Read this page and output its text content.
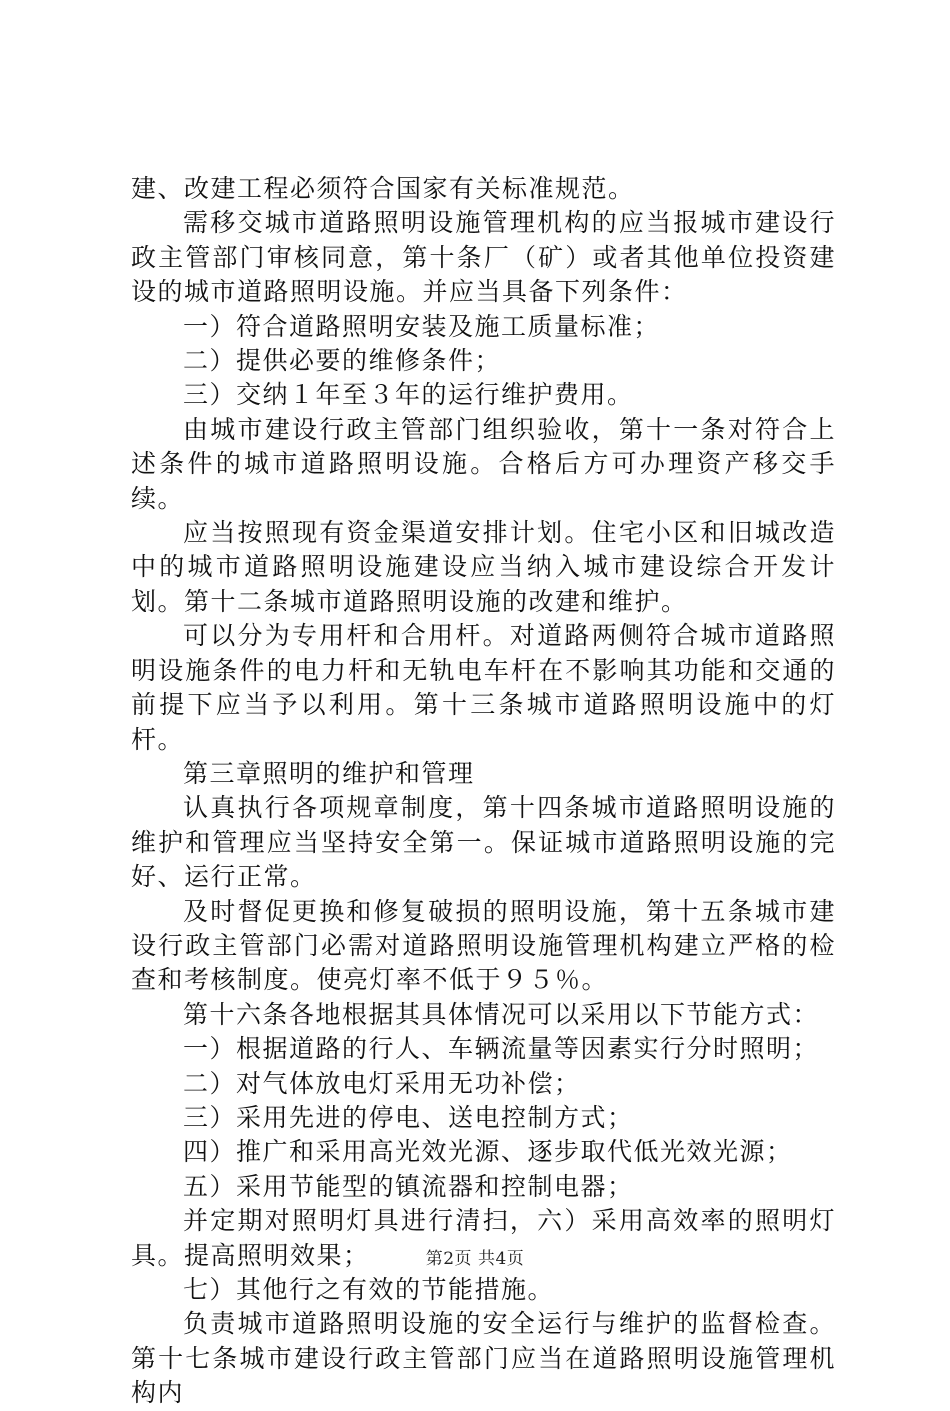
建、改建工程必须符合国家有关标准规范。

需移交城市道路照明设施管理机构的应当报城市建设行政主管部门审核同意，第十条厂（矿）或者其他单位投资建设的城市道路照明设施。并应当具备下列条件：

一）符合道路照明安装及施工质量标准；

二）提供必要的维修条件；

三）交纳１年至３年的运行维护费用。

由城市建设行政主管部门组织验收，第十一条对符合上述条件的城市道路照明设施。合格后方可办理资产移交手续。

应当按照现有资金渠道安排计划。住宅小区和旧城改造中的城市道路照明设施建设应当纳入城市建设综合开发计划。第十二条城市道路照明设施的改建和维护。

可以分为专用杆和合用杆。对道路两侧符合城市道路照明设施条件的电力杆和无轨电车杆在不影响其功能和交通的前提下应当予以利用。第十三条城市道路照明设施中的灯杆。

第三章照明的维护和管理

认真执行各项规章制度，第十四条城市道路照明设施的维护和管理应当坚持安全第一。保证城市道路照明设施的完好、运行正常。

及时督促更换和修复破损的照明设施，第十五条城市建设行政主管部门必需对道路照明设施管理机构建立严格的检查和考核制度。使亮灯率不低于９５％。

第十六条各地根据其具体情况可以采用以下节能方式：

一）根据道路的行人、车辆流量等因素实行分时照明；

二）对气体放电灯采用无功补偿；

三）采用先进的停电、送电控制方式；

四）推广和采用高光效光源、逐步取代低光效光源；

五）采用节能型的镇流器和控制电器；

并定期对照明灯具进行清扫，六）采用高效率的照明灯具。提高照明效果；

七）其他行之有效的节能措施。

负责城市道路照明设施的安全运行与维护的监督检查。第十七条城市建设行政主管部门应当在道路照明设施管理机构内

第2页 共4页
